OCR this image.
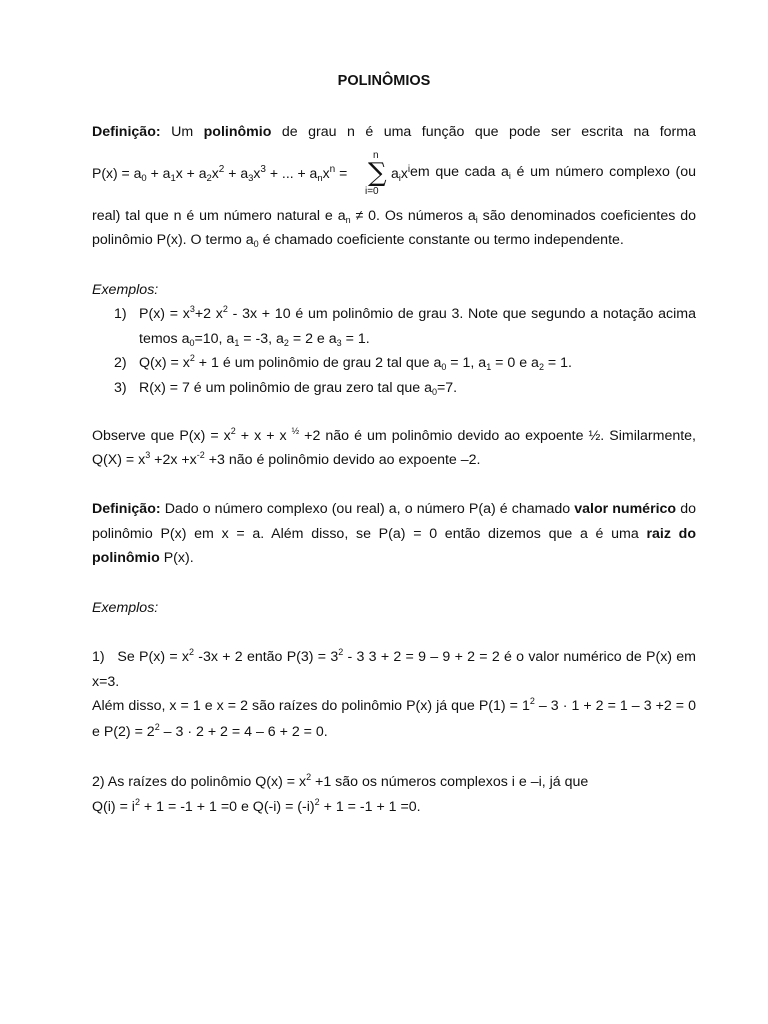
POLINÔMIOS

Definição: Um polinômio de grau n é uma função que pode ser escrita na forma

$P(x) = a_0 + a_1x + a_2x^2 + a_3x^3$ + ... + $a_nx^n$ =
n
∑
i=0
$a_ix^i$ em que cada $a_i$ é um número complexo (ou

real) tal que n é um número natural e $a_n \ne 0$. Os números $a_i$ são denominados coeficientes do

polinômio P(x). O termo $a_0$ é chamado coeficiente constante ou termo independente.

Exemplos:
1) $P(x) = x^3+2$ $x^2 - 3x + 10$ é um polinômio de grau 3. Note que segundo a notação acima
temos $a_0=10$, $a_1 = -3$, $a_2 = 2$ e $a_3 = 1$.
2) $Q(x) = x^2 + 1$ é um polinômio de grau 2 tal que $a_0 = 1$, $a_1 = 0$ e $a_2 = 1$.
3) R(x) = 7 é um polinômio de grau zero tal que $a_0=7$.

Observe que $P(x) = x^2 + x + x$ $^{\frac{1}{2}}$ +2 não é um polinômio devido ao expoente ½. Similarmente,

$Q(X) = x^3 +2x +x^{-2} +3$ não é polinômio devido ao expoente –2.

Definição: Dado o número complexo (ou real) a, o número P(a) é chamado valor numérico do

polinômio P(x) em x = a. Além disso, se P(a) = 0 então dizemos que a é uma raiz do

polinômio P(x).

Exemplos:

1)   Se $P(x) = x^2$ -3x + 2 então $P(3) = 3^2 - 3$ 3 + 2 = 9 – 9 + 2 = 2 é o valor numérico de P(x) em

x=3.

Além disso, x = 1 e x = 2 são raízes do polinômio P(x) já que $P(1) = 1^2 - 3 \cdot 1 + 2 = 1 - 3 +2 = 0$

e $P(2) = 2^2 - 3 \cdot 2 + 2 = 4 - 6 + 2 = 0$.

2) As raízes do polinômio $Q(x) = x^2 +1$ são os números complexos i e –i, já que

$Q(i) = i^2 + 1 = -1 + 1 =0$ e $Q(-i) = (-i)^2 + 1 = -1 + 1 =0$.
